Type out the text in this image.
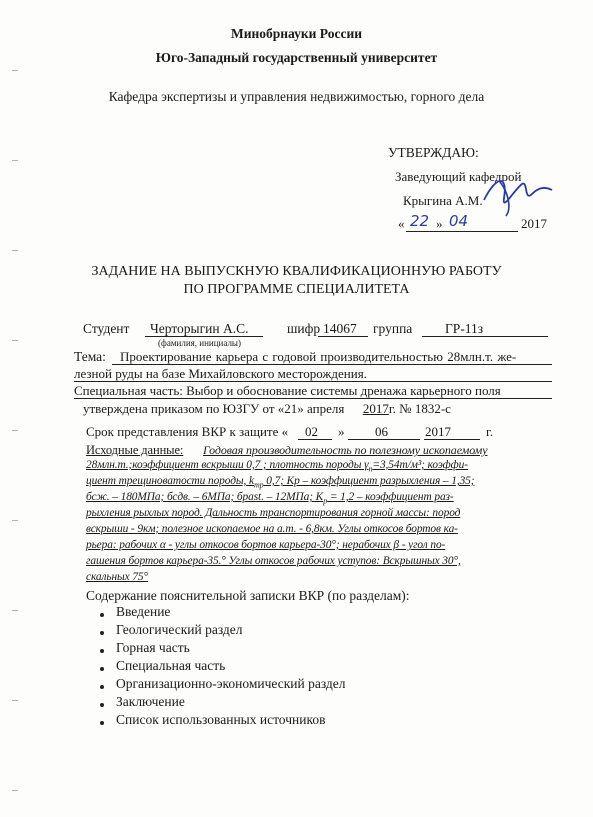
Минобрнауки России
Юго-Западный государственный университет
Кафедра экспертизы и управления недвижимостью, горного дела
УТВЕРЖДАЮ:
Заведующий кафедрой
Крыгина А.М.
« 22 » 04	2017
ЗАДАНИЕ НА ВЫПУСКНУЮ КВАЛИФИКАЦИОННУЮ РАБОТУ
ПО ПРОГРАММЕ СПЕЦИАЛИТЕТА
Студент Черторыгин А.С.
(фамилия, инициалы)
шифр 14067 группа ГР-11з
Тема: Проектирование карьера с годовой производительностью 28млн.т. же-
лезной руды на базе Михайловского месторождения.
Специальная часть: Выбор и обоснование системы дренажа карьерного поля
утверждена приказом по ЮЗГУ от «21» апреля 2017г. № 1832-с
Срок представления ВКР к защите « 02 » 06	2017	г.
Исходные данные: Годовая производительность по полезному ископаемому
28млн.т.;коэффициент вскрыши 0,7 ; плотность породы $\gamma_п=3,54т/м^3$; коэффи-
циент трещиноватости породы, $k_{тр}$ 0,7; Kр – коэффициент разрыхления – 1,35;
бсж. – 180МПа; бсдв. – 6МПа; брast. – 12МПа; $K_р = 1,2$ – коэффициент раз-
рыхления рыхлых пород. Дальность транспортирования горной массы: пород
вскрыши - 9км; полезное ископаемое на а.т. - 6,8км. Углы откосов бортов ка-
рьера: рабочих α - углы откосов бортов карьера-30°; нерабочих β - угол по-
гашения бортов карьера-35.° Углы откосов рабочих уступов: Вскрышных 30°,
скальных 75°
Содержание пояснительной записки ВКР (по разделам):
Введение
Геологический раздел
Горная часть
Специальная часть
Организационно-экономический раздел
Заключение
Список использованных источников
